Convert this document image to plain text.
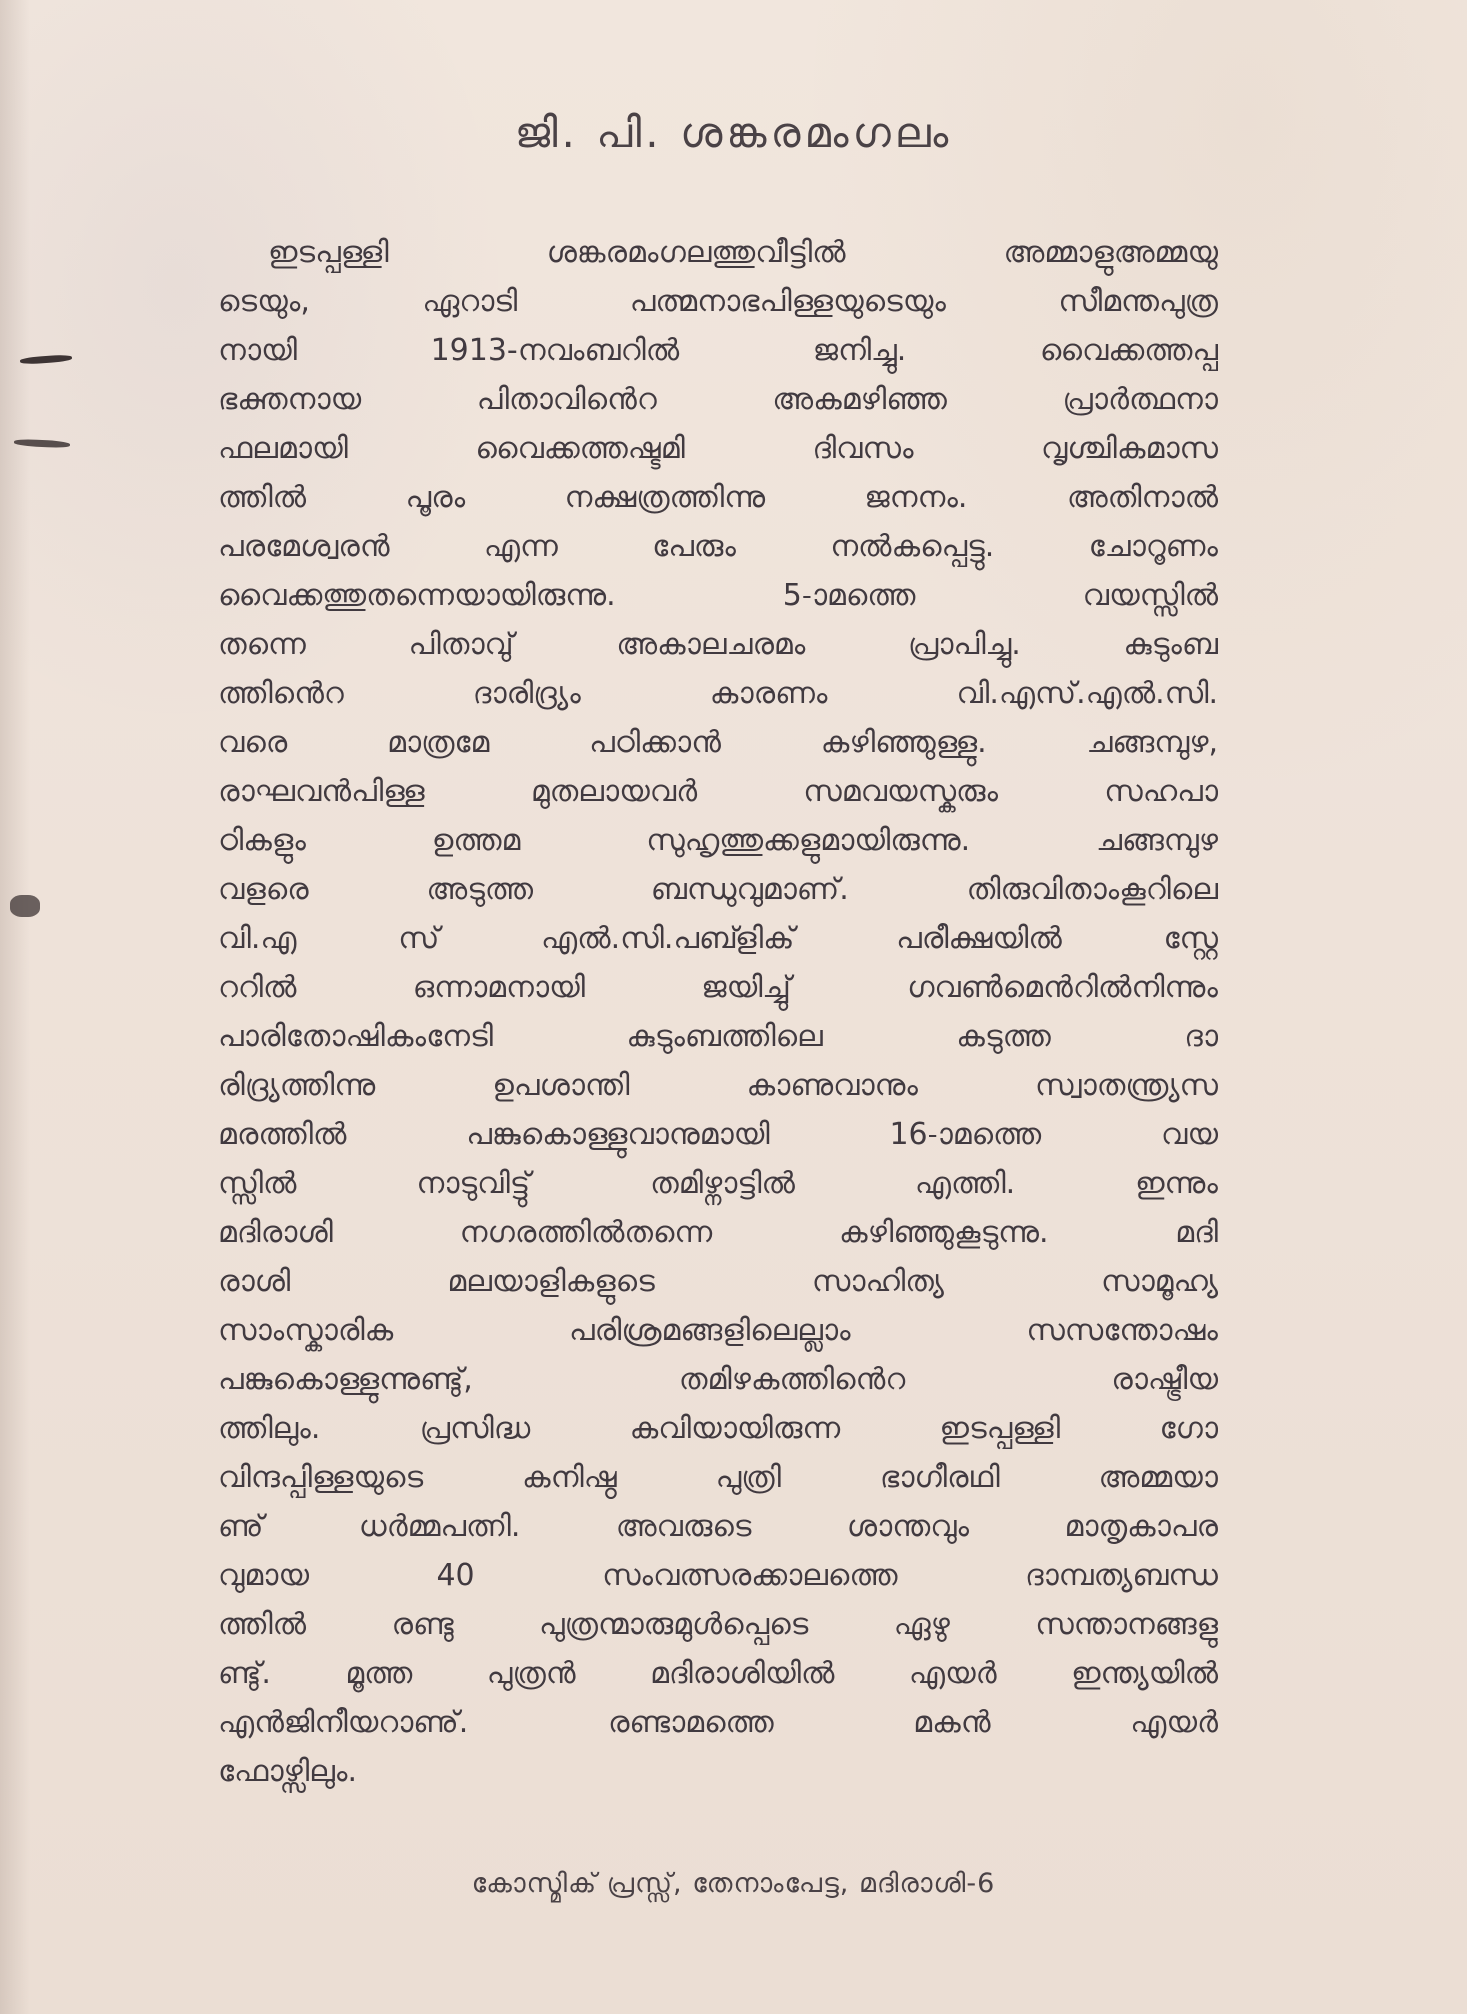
ജി. പി. ശങ്കരമംഗലം
ഇടപ്പള്ളി ശങ്കരമംഗലത്തുവീട്ടിൽ അമ്മാളുഅമ്മയു
ടെയും, ഏറാടി പത്മനാഭപിള്ളയുടെയും സീമന്തപുത്ര
നായി 1913-നവംബറിൽ ജനിച്ചു. വൈക്കത്തപ്പ
ഭക്തനായ പിതാവിൻെറ അകമഴിഞ്ഞ പ്രാർത്ഥനാ
ഫലമായി വൈക്കത്തഷ്ടമി ദിവസം വൃശ്ചികമാസ
ത്തിൽ പൂരം നക്ഷത്രത്തിന്നു ജനനം. അതിനാൽ
പരമേശ്വരൻ എന്ന പേരും നൽകപ്പെട്ടു. ചോറൂണം
വൈക്കത്തുതന്നെയായിരുന്നു. 5-ാമത്തെ വയസ്സിൽ
തന്നെ പിതാവു് അകാലചരമം പ്രാപിച്ചു. കുടുംബ
ത്തിൻെറ ദാരിദ്ര്യം കാരണം വി.എസ്.എൽ.സി.
വരെ മാത്രമേ പഠിക്കാൻ കഴിഞ്ഞുള്ളു. ചങ്ങമ്പുഴ,
രാഘവൻപിള്ള മുതലായവർ സമവയസ്കരും സഹപാ
ഠികളും ഉത്തമ സുഹൃത്തുക്കളുമായിരുന്നു. ചങ്ങമ്പുഴ
വളരെ അടുത്ത ബന്ധുവുമാണ്. തിരുവിതാംകൂറിലെ
വി.എ സ് എൽ.സി.പബ്ളിക് പരീക്ഷയിൽ സ്റ്റേ
ററിൽ ഒന്നാമനായി ജയിച്ചു് ഗവൺമെൻറിൽനിന്നും
പാരിതോഷികംനേടി കുടുംബത്തിലെ കടുത്ത ദാ
രിദ്ര്യത്തിന്നു ഉപശാന്തി കാണുവാനും സ്വാതന്ത്ര്യസ
മരത്തിൽ പങ്കുകൊള്ളുവാനുമായി 16-ാമത്തെ വയ
സ്സിൽ നാടുവിട്ടു് തമിഴ്നാട്ടിൽ എത്തി. ഇന്നും
മദിരാശി നഗരത്തിൽതന്നെ കഴിഞ്ഞുകൂടുന്നു. മദി
രാശി മലയാളികളുടെ സാഹിത്യ സാമൂഹ്യ
സാംസ്കാരിക പരിശ്രമങ്ങളിലെല്ലാം സസന്തോഷം
പങ്കുകൊള്ളുന്നുണ്ടു്, തമിഴകത്തിൻെറ രാഷ്ട്രീയ
ത്തിലും. പ്രസിദ്ധ കവിയായിരുന്ന ഇടപ്പള്ളി ഗോ
വിന്ദപ്പിള്ളയുടെ കനിഷ്ഠ പുത്രി ഭാഗീരഥി അമ്മയാ
ണു് ധർമ്മപത്നി. അവരുടെ ശാന്തവും മാതൃകാപര
വുമായ 40 സംവത്സരക്കാലത്തെ ദാമ്പത്യബന്ധ
ത്തിൽ രണ്ടു പുത്രന്മാരുമുൾപ്പെടെ ഏഴു സന്താനങ്ങളു
ണ്ടു്. മൂത്ത പുത്രൻ മദിരാശിയിൽ എയർ ഇന്ത്യയിൽ
എൻജിനീയറാണു്. രണ്ടാമത്തെ മകൻ എയർ
ഫോഴ്സിലും.
കോസ്മിക് പ്രസ്സ്, തേനാംപേട്ട, മദിരാശി-6
